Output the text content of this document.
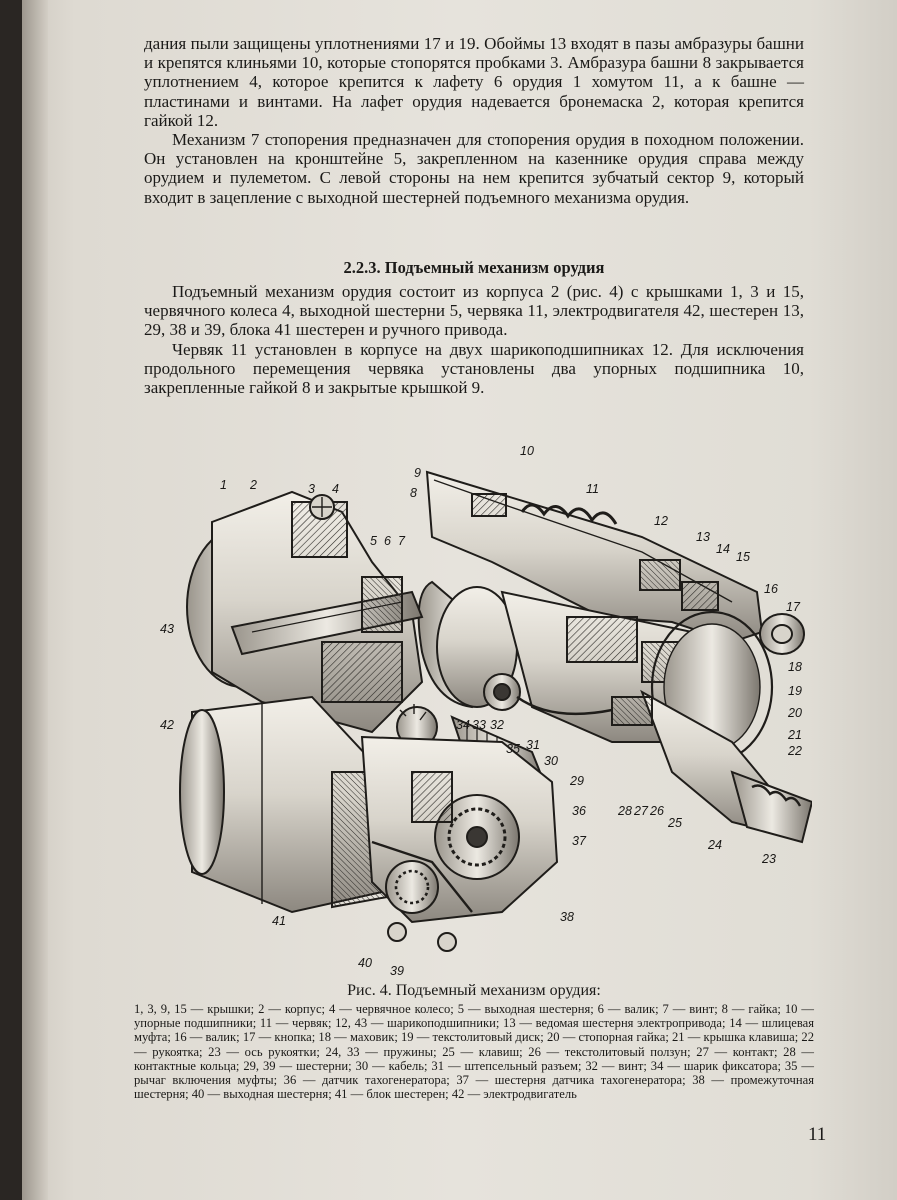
дания пыли защищены уплотнениями 17 и 19. Обоймы 13 входят в пазы амбразуры башни и крепятся клиньями 10, которые стопорятся пробками 3. Амбразура башни 8 закрывается уплотнением 4, которое крепится к лафету 6 орудия 1 хомутом 11, а к башне — пластинами и винтами. На лафет орудия надевается бронемаска 2, которая крепится гайкой 12.

Механизм 7 стопорения предназначен для стопорения орудия в походном положении. Он установлен на кронштейне 5, закрепленном на казеннике орудия справа между орудием и пулеметом. С левой стороны на нем крепится зубчатый сектор 9, который входит в зацепление с выходной шестерней подъемного механизма орудия.

2.2.3. Подъемный механизм орудия

Подъемный механизм орудия состоит из корпуса 2 (рис. 4) с крышками 1, 3 и 15, червячного колеса 4, выходной шестерни 5, червяка 11, электродвигателя 42, шестерен 13, 29, 38 и 39, блока 41 шестерен и ручного привода.

Червяк 11 установлен в корпусе на двух шарикоподшипниках 12. Для исключения продольного перемещения червяка установлены два упорных подшипника 10, закрепленные гайкой 8 и закрытые крышкой 9.

1 2	3 4
5 6 7
43
42	34 33 32
31
35
36
37
38
39
40
41
9
8
10
11
12
13
14
15
16
17
18
19
20
21
22
23
24
25
26
27
28
29
30
Рис. 4. Подъемный механизм орудия:
1, 3, 9, 15 — крышки; 2 — корпус; 4 — червячное колесо; 5 — выходная шестерня; 6 — валик; 7 — винт; 8 — гайка; 10 — упорные подшипники; 11 — червяк; 12, 43 — шарикоподшипники; 13 — ведомая шестерня электропривода; 14 — шлицевая муфта; 16 — валик; 17 — кнопка; 18 — маховик; 19 — текстолитовый диск; 20 — стопорная гайка; 21 — крышка клавиша; 22 — рукоятка; 23 — ось рукоятки; 24, 33 — пружины; 25 — клавиш; 26 — текстолитовый ползун; 27 — контакт; 28 — контактные кольца; 29, 39 — шестерни; 30 — кабель; 31 — штепсельный разъем; 32 — винт; 34 — шарик фиксатора; 35 — рычаг включения муфты; 36 — датчик тахогенератора; 37 — шестерня датчика тахогенератора; 38 — промежуточная шестерня; 40 — выходная шестерня; 41 — блок шестерен; 42 — электродвигатель
11
